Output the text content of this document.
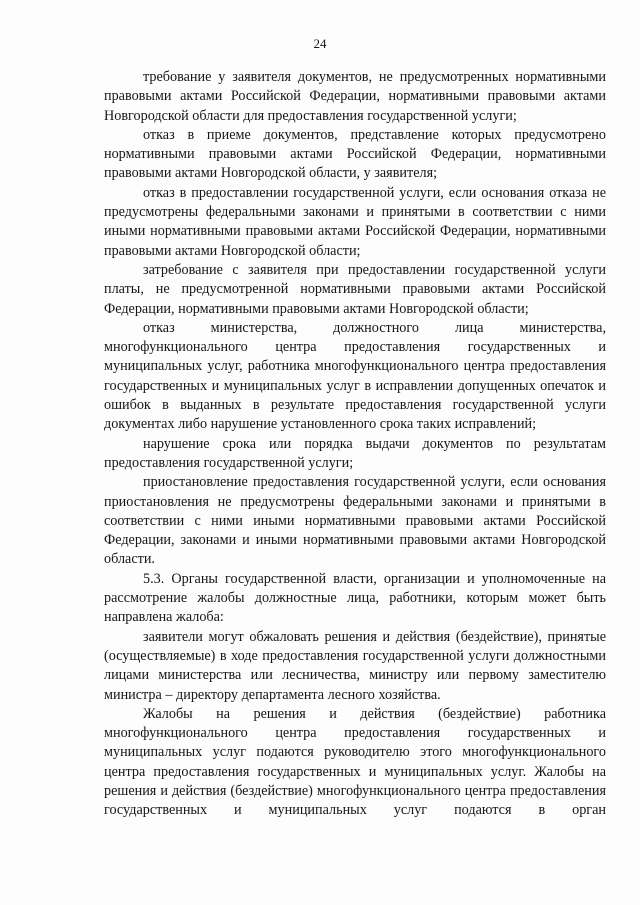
24

требование у заявителя документов, не предусмотренных нормативными правовыми актами Российской Федерации, нормативными правовыми актами Новгородской области для предоставления государственной услуги;

отказ в приеме документов, представление которых предусмотрено нормативными правовыми актами Российской Федерации, нормативными правовыми актами Новгородской области, у заявителя;

отказ в предоставлении государственной услуги, если основания отказа не предусмотрены федеральными законами и принятыми в соответствии с ними иными нормативными правовыми актами Российской Федерации, нормативными правовыми актами Новгородской области;

затребование с заявителя при предоставлении государственной услуги платы, не предусмотренной нормативными правовыми актами Российской Федерации, нормативными правовыми актами Новгородской области;

отказ министерства, должностного лица министерства, многофункционального центра предоставления государственных и муниципальных услуг, работника многофункционального центра предоставления государственных и муниципальных услуг в исправлении допущенных опечаток и ошибок в выданных в результате предоставления государственной услуги документах либо нарушение установленного срока таких исправлений;

нарушение срока или порядка выдачи документов по результатам предоставления государственной услуги;

приостановление предоставления государственной услуги, если основания приостановления не предусмотрены федеральными законами и принятыми в соответствии с ними иными нормативными правовыми актами Российской Федерации, законами и иными нормативными правовыми актами Новгородской области.

5.3. Органы государственной власти, организации и уполномоченные на рассмотрение жалобы должностные лица, работники, которым может быть направлена жалоба:

заявители могут обжаловать решения и действия (бездействие), принятые (осуществляемые) в ходе предоставления государственной услуги должностными лицами министерства или лесничества, министру или первому заместителю министра – директору департамента лесного хозяйства.

Жалобы на решения и действия (бездействие) работника многофункционального центра предоставления государственных и муниципальных услуг подаются руководителю этого многофункционального центра предоставления государственных и муниципальных услуг. Жалобы на решения и действия (бездействие) многофункционального центра предоставления государственных и муниципальных услуг подаются в орган
